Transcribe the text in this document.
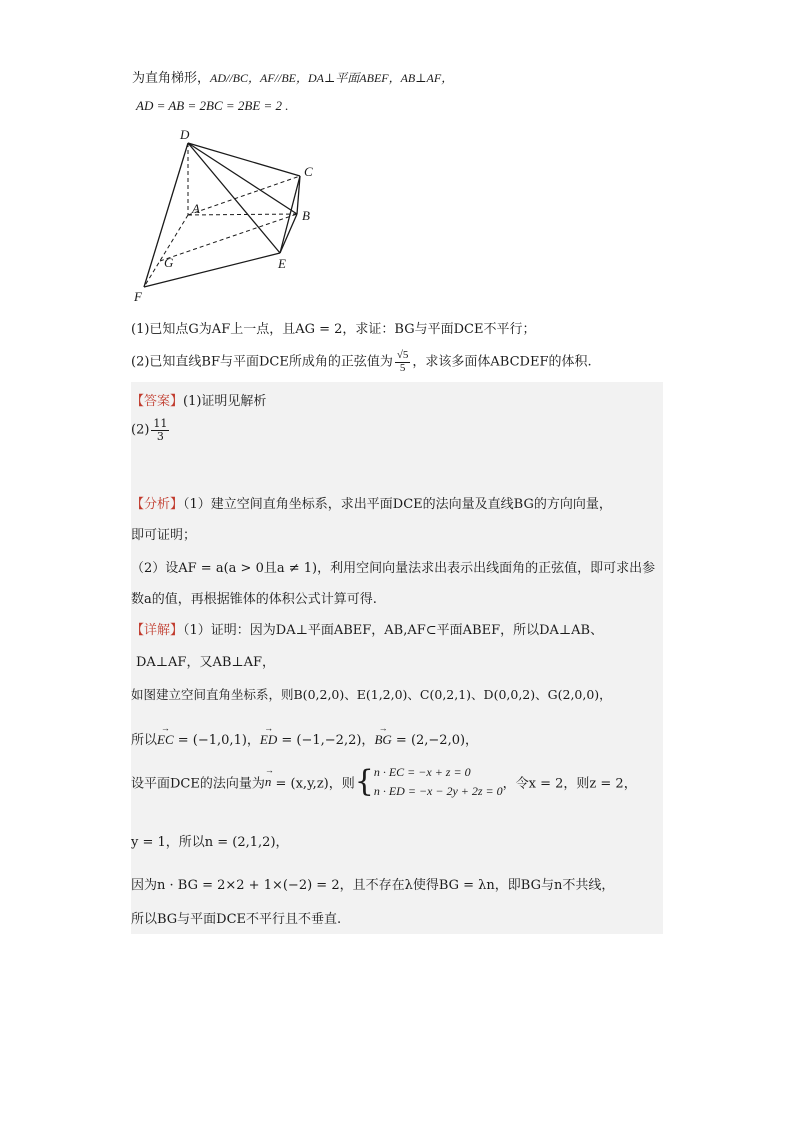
为直角梯形，AD//BC，AF//BE，DA⊥平面ABEF，AB⊥AF，
AD = AB = 2BC = 2BE = 2 .
D
C
A	B
G	E
F
(1)已知点G为AF上一点，且AG = 2，求证：BG与平面DCE不平行；
(2)已知直线BF与平面DCE所成角的正弦值为 $\frac{√5}{5}$ ，求该多面体ABCDEF的体积.
【答案】(1)证明见解析
$(2) \frac{11}{3}$
【分析】（1）建立空间直角坐标系，求出平面DCE的法向量及直线BG的方向向量，
即可证明；
（2）设AF = a(a > 0且a ≠ 1)，利用空间向量法求出表示出线面角的正弦值，即可求出参
数a的值，再根据锥体的体积公式计算可得.
【详解】（1）证明：因为DA⊥平面ABEF，AB,AF⊂平面ABEF，所以DA⊥AB、
DA⊥AF，又AB⊥AF，
如图建立空间直角坐标系，则B(0,2,0)、E(1,2,0)、C(0,2,1)、D(0,0,2)、G(2,0,0)，
所以→ EC = (−1,0,1)，→ ED = (−1,−2,2)，→ BG = (2,−2,0)，
设平面DCE的法向量为→ n = (x,y,z)，则{ n · EC = −x + z = 0
n · ED = −x − 2y + 2z = 0 ，令x = 2，则z = 2，
y = 1，所以n = (2,1,2)，
因为n · BG = 2×2 + 1×(−2) = 2，且不存在λ使得BG = λn，即BG与n不共线，
所以BG与平面DCE不平行且不垂直.
